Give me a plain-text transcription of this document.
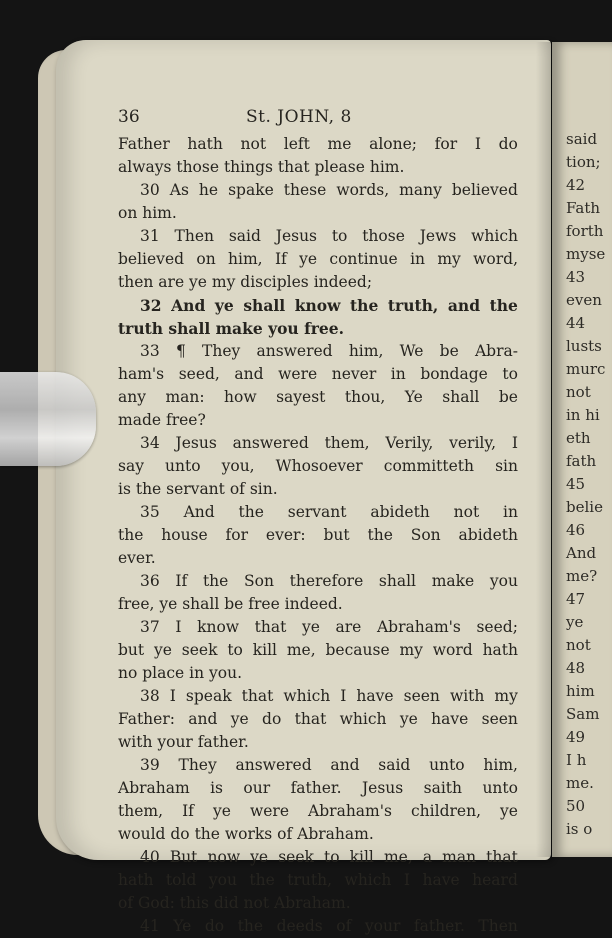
said
tion;
42
Fath
forth
myse
43
even
44
lusts
murc
not
in hi
eth
fath
45
belie
46
And
me?
47
ye
not
48
him
Sam
49
I h
me.
50
is o
36	St. JOHN, 8
Father hath not left me alone; for I do
always those things that please him.
30 As he spake these words, many believed
on him.
31 Then said Jesus to those Jews which
believed on him, If ye continue in my word,
then are ye my disciples indeed;
32 And ye shall know the truth, and the
truth shall make you free.
33 ¶ They answered him, We be Abra-
ham's seed, and were never in bondage to
any man: how sayest thou, Ye shall be
made free?
34 Jesus answered them, Verily, verily, I
say unto you, Whosoever committeth sin
is the servant of sin.
35 And the servant abideth not in
the house for ever: but the Son abideth
ever.
36 If the Son therefore shall make you
free, ye shall be free indeed.
37 I know that ye are Abraham's seed;
but ye seek to kill me, because my word hath
no place in you.
38 I speak that which I have seen with my
Father: and ye do that which ye have seen
with your father.
39 They answered and said unto him,
Abraham is our father. Jesus saith unto
them, If ye were Abraham's children, ye
would do the works of Abraham.
40 But now ye seek to kill me, a man that
hath told you the truth, which I have heard
of God: this did not Abraham.
41 Ye do the deeds of your father. Then
